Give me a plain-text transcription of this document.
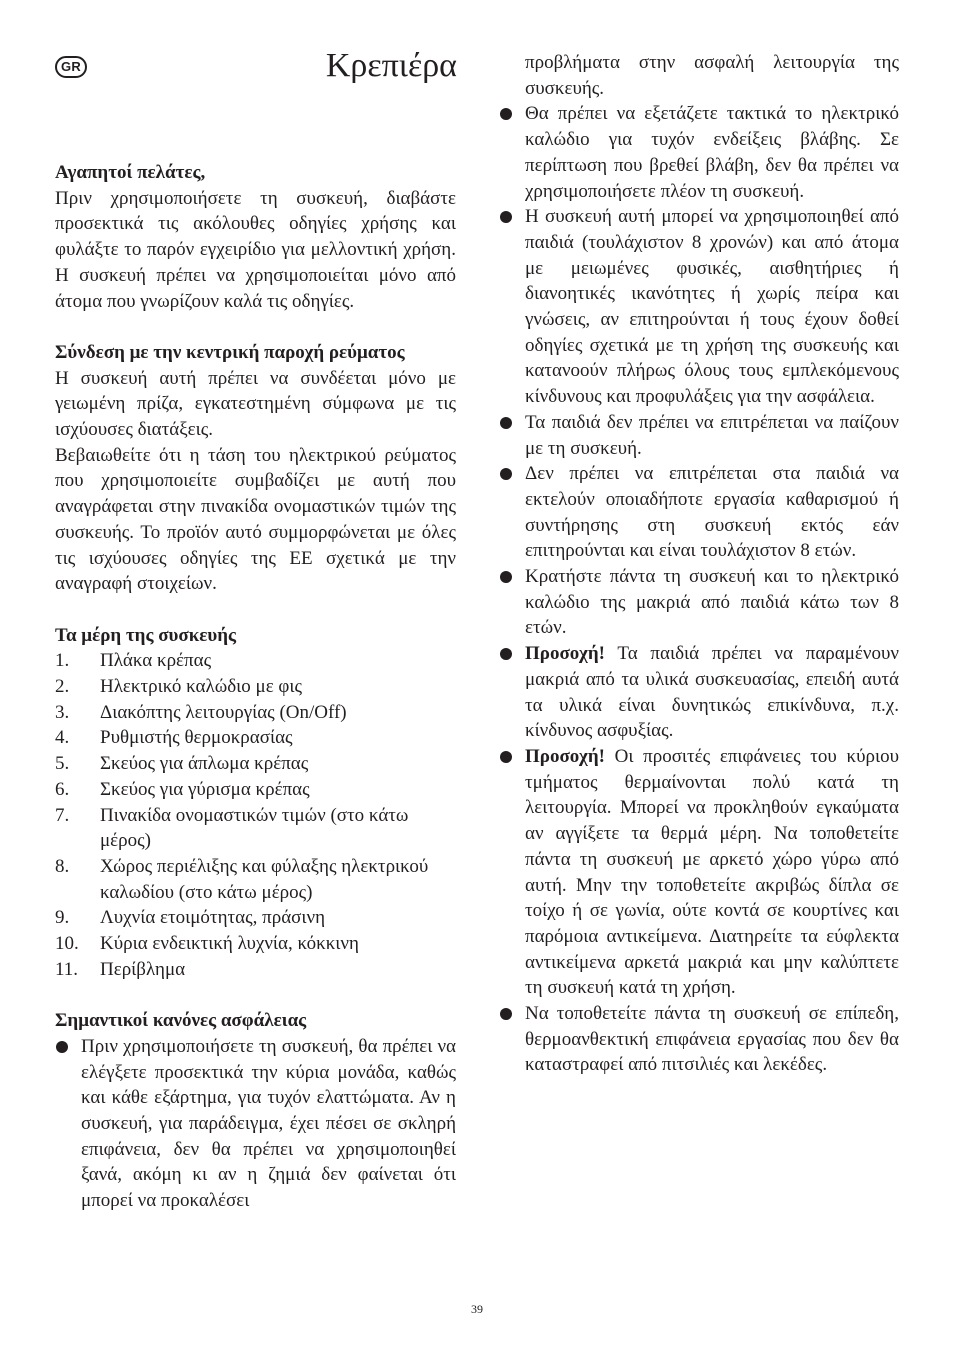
GR	Κρεπιέρα

Αγαπητοί πελάτες,

Πριν χρησιμοποιήσετε τη συσκευή, διαβάστε προσεκτικά τις ακόλουθες οδηγίες χρήσης και φυλάξτε το παρόν εγχειρίδιο για μελλοντική χρήση. Η συσκευή πρέπει να χρησιμοποιείται μόνο από άτομα που γνωρίζουν καλά τις οδηγίες.

Σύνδεση με την κεντρική παροχή ρεύματος

Η συσκευή αυτή πρέπει να συνδέεται μόνο με γειωμένη πρίζα, εγκατεστημένη σύμφωνα με τις ισχύουσες διατάξεις.

Βεβαιωθείτε ότι η τάση του ηλεκτρικού ρεύματος που χρησιμοποιείτε συμβαδίζει με αυτή που αναγράφεται στην πινακίδα ονομαστικών τιμών της συσκευής. Το προϊόν αυτό συμμορφώνεται με όλες τις ισχύουσες οδηγίες της ΕΕ σχετικά με την αναγραφή στοιχείων.

Τα μέρη της συσκευής

1.	Πλάκα κρέπας
2.	Ηλεκτρικό καλώδιο με φις
3.	Διακόπτης λειτουργίας (On/Off)
4.	Ρυθμιστής θερμοκρασίας
5.	Σκεύος για άπλωμα κρέπας
6.	Σκεύος για γύρισμα κρέπας
7.	Πινακίδα ονομαστικών τιμών (στο κάτω μέρος)
8.	Χώρος περιέλιξης και φύλαξης ηλεκτρικού καλωδίου (στο κάτω μέρος)
9.	Λυχνία ετοιμότητας, πράσινη
10.	Κύρια ενδεικτική λυχνία, κόκκινη
11.	Περίβλημα

Σημαντικοί κανόνες ασφάλειας

Πριν χρησιμοποιήσετε τη συσκευή, θα πρέπει να ελέγξετε προσεκτικά την κύρια μονάδα, καθώς και κάθε εξάρτημα, για τυχόν ελαττώματα. Αν η συσκευή, για παράδειγμα, έχει πέσει σε σκληρή επιφάνεια, δεν θα πρέπει να χρησιμοποιηθεί ξανά, ακόμη κι αν η ζημιά δεν φαίνεται ότι μπορεί να προκαλέσει

προβλήματα στην ασφαλή λειτουργία της συσκευής.

Θα πρέπει να εξετάζετε τακτικά το ηλεκτρικό καλώδιο για τυχόν ενδείξεις βλάβης. Σε περίπτωση που βρεθεί βλάβη, δεν θα πρέπει να χρησιμοποιήσετε πλέον τη συσκευή.
Η συσκευή αυτή μπορεί να χρησιμοποιηθεί από παιδιά (τουλάχιστον 8 χρονών) και από άτομα με μειωμένες φυσικές, αισθητήριες ή διανοητικές ικανότητες ή χωρίς πείρα και γνώσεις, αν επιτηρούνται ή τους έχουν δοθεί οδηγίες σχετικά με τη χρήση της συσκευής και κατανοούν πλήρως όλους τους εμπλεκόμενους κίνδυνους και προφυλάξεις για την ασφάλεια.
Τα παιδιά δεν πρέπει να επιτρέπεται να παίζουν με τη συσκευή.
Δεν πρέπει να επιτρέπεται στα παιδιά να εκτελούν οποιαδήποτε εργασία καθαρισμού ή συντήρησης στη συσκευή εκτός εάν επιτηρούνται και είναι τουλάχιστον 8 ετών.
Κρατήστε πάντα τη συσκευή και το ηλεκτρικό καλώδιο της μακριά από παιδιά κάτω των 8 ετών.
Προσοχή! Τα παιδιά πρέπει να παραμένουν μακριά από τα υλικά συσκευασίας, επειδή αυτά τα υλικά είναι δυνητικώς επικίνδυνα, π.χ. κίνδυνος ασφυξίας.
Προσοχή! Οι προσιτές επιφάνειες του κύριου τμήματος θερμαίνονται πολύ κατά τη λειτουργία. Μπορεί να προκληθούν εγκαύματα αν αγγίξετε τα θερμά μέρη. Να τοποθετείτε πάντα τη συσκευή με αρκετό χώρο γύρω από αυτή. Μην την τοποθετείτε ακριβώς δίπλα σε τοίχο ή σε γωνία, ούτε κοντά σε κουρτίνες και παρόμοια αντικείμενα. Διατηρείτε τα εύφλεκτα αντικείμενα αρκετά μακριά και μην καλύπτετε τη συσκευή κατά τη χρήση.
Να τοποθετείτε πάντα τη συσκευή σε επίπεδη, θερμοανθεκτική επιφάνεια εργασίας που δεν θα καταστραφεί από πιτσιλιές και λεκέδες.
39
